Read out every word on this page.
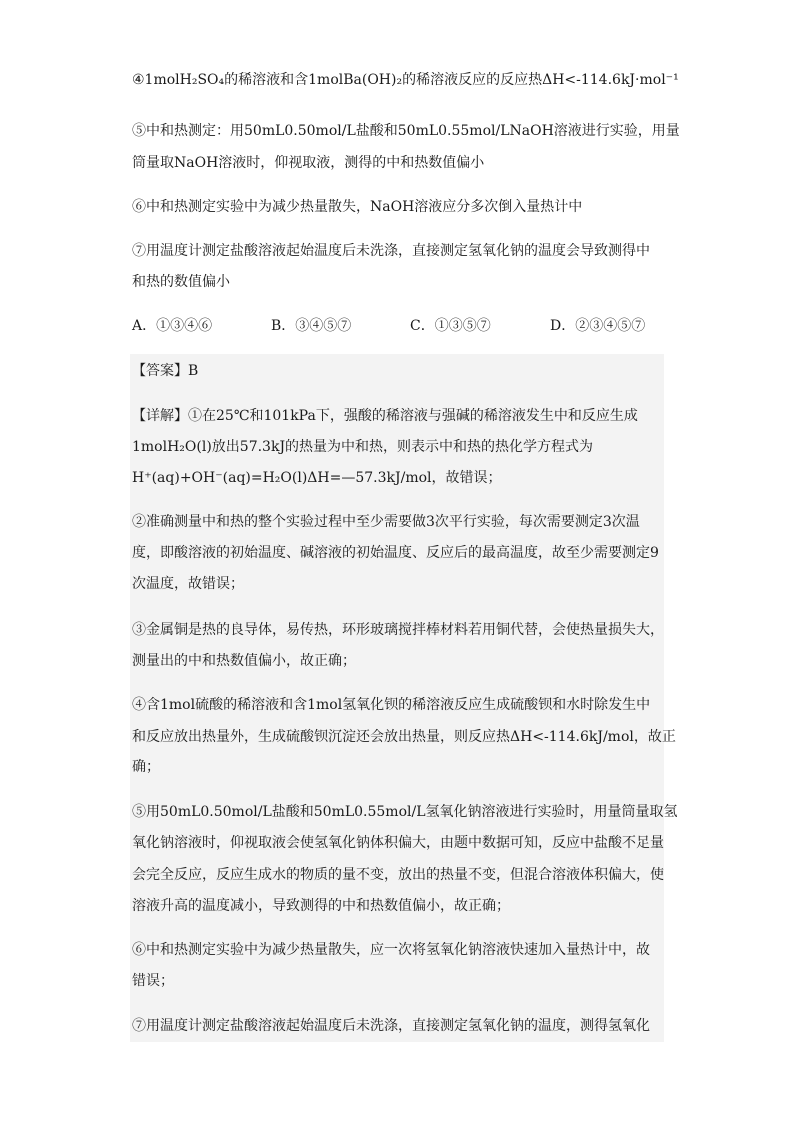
④1molH₂SO₄的稀溶液和含1molBa(OH)₂的稀溶液反应的反应热ΔH<-114.6kJ·mol⁻¹
⑤中和热测定：用50mL0.50mol/L盐酸和50mL0.55mol/LNaOH溶液进行实验，用量
筒量取NaOH溶液时，仰视取液，测得的中和热数值偏小
⑥中和热测定实验中为减少热量散失，NaOH溶液应分多次倒入量热计中
⑦用温度计测定盐酸溶液起始温度后未洗涤，直接测定氢氧化钠的温度会导致测得中
和热的数值偏小
A．①③④⑥	B．③④⑤⑦	C．①③⑤⑦	D．②③④⑤⑦
【答案】B
【详解】①在25℃和101kPa下，强酸的稀溶液与强碱的稀溶液发生中和反应生成
1molH₂O(l)放出57.3kJ的热量为中和热，则表示中和热的热化学方程式为
H⁺(aq)+OH⁻(aq)=H₂O(l)ΔH=—57.3kJ/mol，故错误；
②准确测量中和热的整个实验过程中至少需要做3次平行实验，每次需要测定3次温
度，即酸溶液的初始温度、碱溶液的初始温度、反应后的最高温度，故至少需要测定9
次温度，故错误；
③金属铜是热的良导体，易传热，环形玻璃搅拌棒材料若用铜代替，会使热量损失大，
测量出的中和热数值偏小，故正确；
④含1mol硫酸的稀溶液和含1mol氢氧化钡的稀溶液反应生成硫酸钡和水时除发生中
和反应放出热量外，生成硫酸钡沉淀还会放出热量，则反应热ΔH<-114.6kJ/mol，故正
确；
⑤用50mL0.50mol/L盐酸和50mL0.55mol/L氢氧化钠溶液进行实验时，用量筒量取氢
氧化钠溶液时，仰视取液会使氢氧化钠体积偏大，由题中数据可知，反应中盐酸不足量
会完全反应，反应生成水的物质的量不变，放出的热量不变，但混合溶液体积偏大，使
溶液升高的温度减小，导致测得的中和热数值偏小，故正确；
⑥中和热测定实验中为减少热量散失，应一次将氢氧化钠溶液快速加入量热计中，故
错误；
⑦用温度计测定盐酸溶液起始温度后未洗涤，直接测定氢氧化钠的温度，测得氢氧化
